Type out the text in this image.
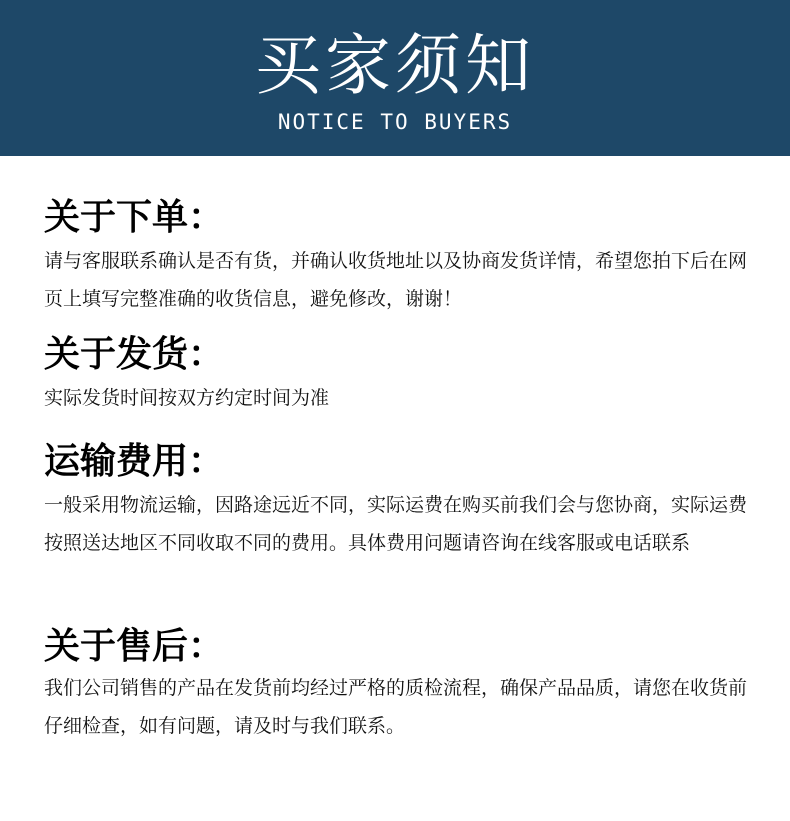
买家须知
NOTICE TO BUYERS
关于下单：

请与客服联系确认是否有货，并确认收货地址以及协商发货详情，希望您拍下后在网页上填写完整准确的收货信息，避免修改，谢谢！

关于发货：

实际发货时间按双方约定时间为准

运输费用：

一般采用物流运输，因路途远近不同，实际运费在购买前我们会与您协商，实际运费按照送达地区不同收取不同的费用。具体费用问题请咨询在线客服或电话联系

关于售后：

我们公司销售的产品在发货前均经过严格的质检流程，确保产品品质，请您在收货前仔细检查，如有问题，请及时与我们联系。
